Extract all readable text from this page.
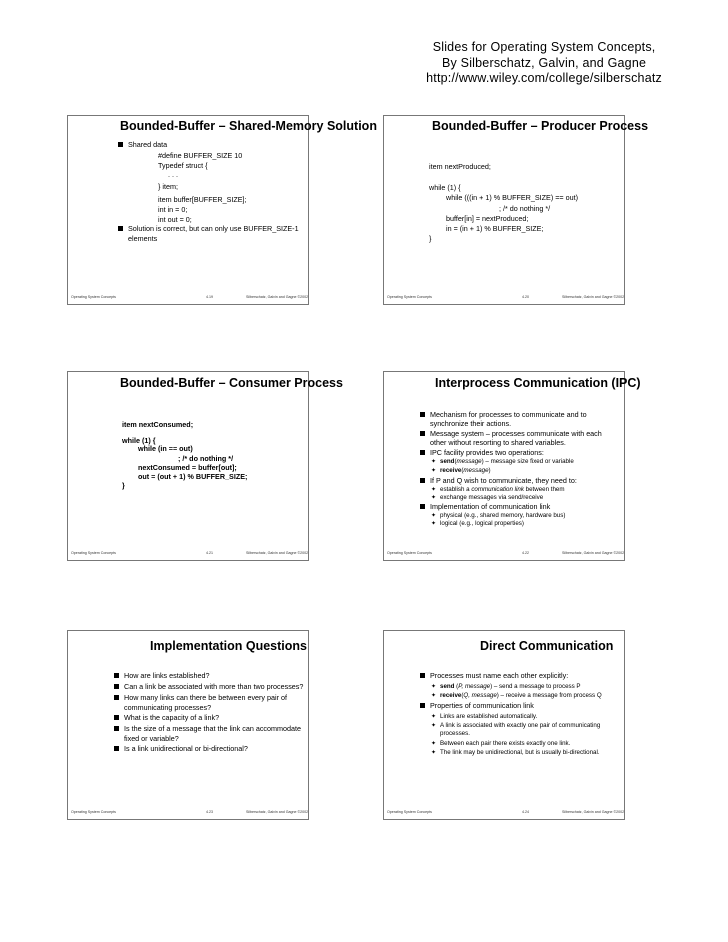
Slides for Operating System Concepts,
By Silberschatz, Galvin, and Gagne
http://www.wiley.com/college/silberschatz
Bounded-Buffer – Shared-Memory Solution
Shared data
#define BUFFER_SIZE 10
Typedef struct {
. . .
} item;
item buffer[BUFFER_SIZE];
int in = 0;
int out = 0;
Solution is correct, but can only use BUFFER_SIZE-1
elements
Operating System Concepts	4.19	Silberschatz, Galvin and Gagne ©2002
Bounded-Buffer – Producer Process
item nextProduced;
while (1) {
while (((in + 1) % BUFFER_SIZE) == out)
; /* do nothing */
buffer[in] = nextProduced;
in = (in + 1) % BUFFER_SIZE;
}
Operating System Concepts	4.20	Silberschatz, Galvin and Gagne ©2002
Bounded-Buffer – Consumer Process
item nextConsumed;
while (1) {
while (in == out)
; /* do nothing */
nextConsumed = buffer[out];
out = (out + 1) % BUFFER_SIZE;
}
Operating System Concepts	4.21	Silberschatz, Galvin and Gagne ©2002
Interprocess Communication (IPC)
Mechanism for processes to communicate and to
synchronize their actions.
Message system – processes communicate with each
other without resorting to shared variables.
IPC facility provides two operations:
✦ send(message) – message size fixed or variable
✦ receive(message)
If P and Q wish to communicate, they need to:
✦ establish a communication link between them
✦ exchange messages via send/receive
Implementation of communication link
✦ physical (e.g., shared memory, hardware bus)
✦ logical (e.g., logical properties)
Operating System Concepts	4.22	Silberschatz, Galvin and Gagne ©2002
Implementation Questions
How are links established?
Can a link be associated with more than two processes?
How many links can there be between every pair of
communicating processes?
What is the capacity of a link?
Is the size of a message that the link can accommodate
fixed or variable?
Is a link unidirectional or bi-directional?
Operating System Concepts	4.23	Silberschatz, Galvin and Gagne ©2002
Direct Communication
Processes must name each other explicitly:
✦ send (P, message) – send a message to process P
✦ receive(Q, message) – receive a message from process Q
Properties of communication link
✦ Links are established automatically.
✦ A link is associated with exactly one pair of communicating
processes.
✦ Between each pair there exists exactly one link.
✦ The link may be unidirectional, but is usually bi-directional.
Operating System Concepts	4.24	Silberschatz, Galvin and Gagne ©2002
